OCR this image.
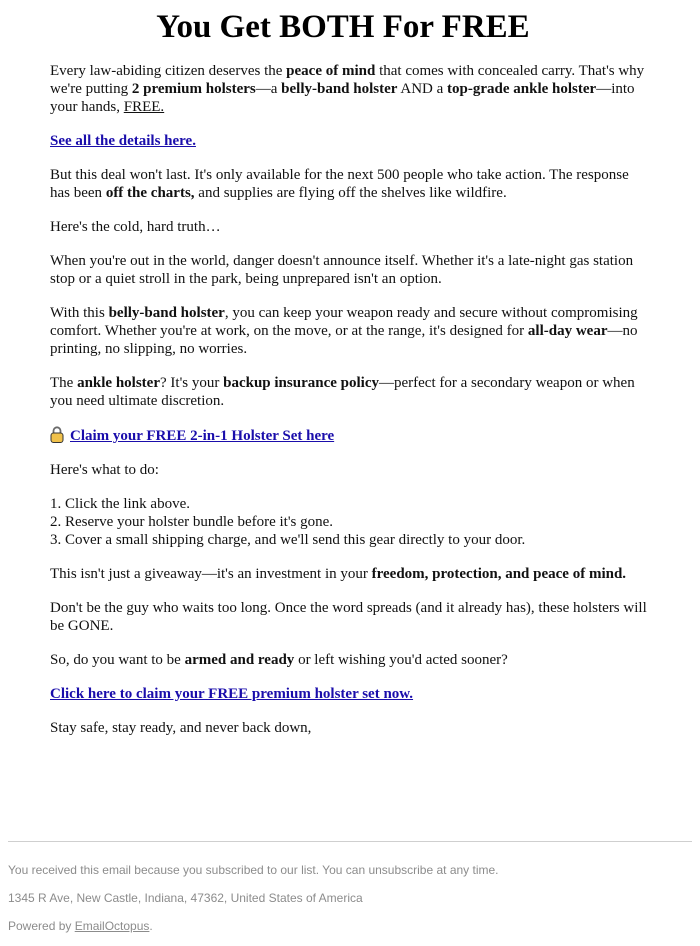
You Get BOTH For FREE

Every law-abiding citizen deserves the peace of mind that comes with concealed carry. That's why we're putting 2 premium holsters—a belly-band holster AND a top-grade ankle holster—into your hands, FREE.

See all the details here.

But this deal won't last. It's only available for the next 500 people who take action. The response has been off the charts, and supplies are flying off the shelves like wildfire.

Here's the cold, hard truth…

When you're out in the world, danger doesn't announce itself. Whether it's a late-night gas station stop or a quiet stroll in the park, being unprepared isn't an option.

With this belly-band holster, you can keep your weapon ready and secure without compromising comfort. Whether you're at work, on the move, or at the range, it's designed for all-day wear—no printing, no slipping, no worries.

The ankle holster? It's your backup insurance policy—perfect for a secondary weapon or when you need ultimate discretion.

Claim your FREE 2-in-1 Holster Set here

Here's what to do:

1. Click the link above.
2. Reserve your holster bundle before it's gone.
3. Cover a small shipping charge, and we'll send this gear directly to your door.

This isn't just a giveaway—it's an investment in your freedom, protection, and peace of mind.

Don't be the guy who waits too long. Once the word spreads (and it already has), these holsters will be GONE.

So, do you want to be armed and ready or left wishing you'd acted sooner?

Click here to claim your FREE premium holster set now.

Stay safe, stay ready, and never back down,

You received this email because you subscribed to our list. You can unsubscribe at any time.
1345 R Ave, New Castle, Indiana, 47362, United States of America
Powered by EmailOctopus.
